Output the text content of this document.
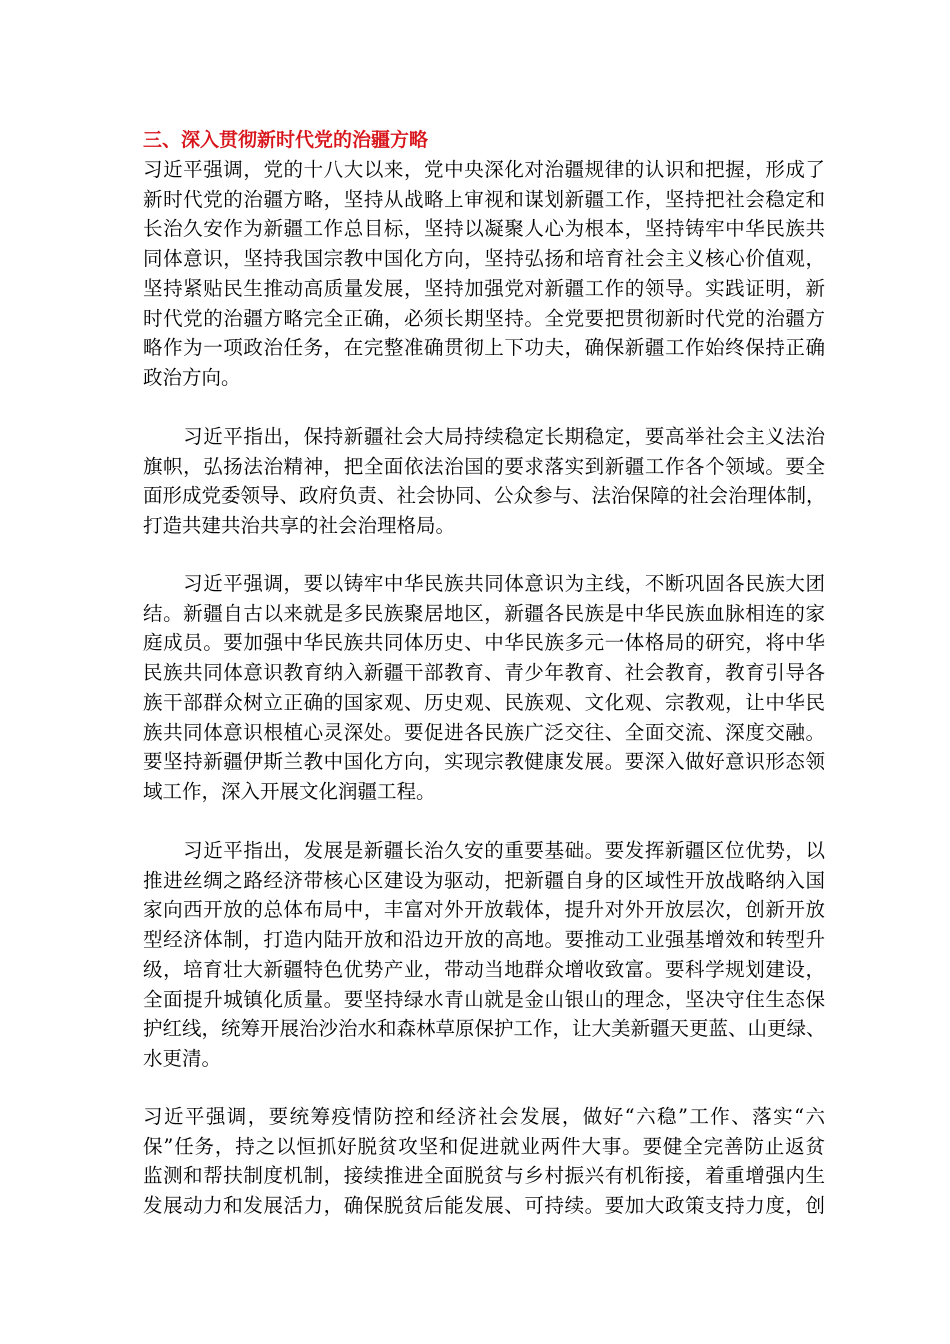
三、深入贯彻新时代党的治疆方略

习近平强调，党的十八大以来，党中央深化对治疆规律的认识和把握，形成了
新时代党的治疆方略，坚持从战略上审视和谋划新疆工作，坚持把社会稳定和
长治久安作为新疆工作总目标，坚持以凝聚人心为根本，坚持铸牢中华民族共
同体意识，坚持我国宗教中国化方向，坚持弘扬和培育社会主义核心价值观，
坚持紧贴民生推动高质量发展，坚持加强党对新疆工作的领导。实践证明，新
时代党的治疆方略完全正确，必须长期坚持。全党要把贯彻新时代党的治疆方
略作为一项政治任务，在完整准确贯彻上下功夫，确保新疆工作始终保持正确
政治方向。

　　习近平指出，保持新疆社会大局持续稳定长期稳定，要高举社会主义法治
旗帜，弘扬法治精神，把全面依法治国的要求落实到新疆工作各个领域。要全
面形成党委领导、政府负责、社会协同、公众参与、法治保障的社会治理体制，
打造共建共治共享的社会治理格局。

　　习近平强调，要以铸牢中华民族共同体意识为主线，不断巩固各民族大团
结。新疆自古以来就是多民族聚居地区，新疆各民族是中华民族血脉相连的家
庭成员。要加强中华民族共同体历史、中华民族多元一体格局的研究，将中华
民族共同体意识教育纳入新疆干部教育、青少年教育、社会教育，教育引导各
族干部群众树立正确的国家观、历史观、民族观、文化观、宗教观，让中华民
族共同体意识根植心灵深处。要促进各民族广泛交往、全面交流、深度交融。
要坚持新疆伊斯兰教中国化方向，实现宗教健康发展。要深入做好意识形态领
域工作，深入开展文化润疆工程。

　　习近平指出，发展是新疆长治久安的重要基础。要发挥新疆区位优势，以
推进丝绸之路经济带核心区建设为驱动，把新疆自身的区域性开放战略纳入国
家向西开放的总体布局中，丰富对外开放载体，提升对外开放层次，创新开放
型经济体制，打造内陆开放和沿边开放的高地。要推动工业强基增效和转型升
级，培育壮大新疆特色优势产业，带动当地群众增收致富。要科学规划建设，
全面提升城镇化质量。要坚持绿水青山就是金山银山的理念，坚决守住生态保
护红线，统筹开展治沙治水和森林草原保护工作，让大美新疆天更蓝、山更绿、
水更清。

习近平强调，要统筹疫情防控和经济社会发展，做好“六稳”工作、落实“六
保”任务，持之以恒抓好脱贫攻坚和促进就业两件大事。要健全完善防止返贫
监测和帮扶制度机制，接续推进全面脱贫与乡村振兴有机衔接，着重增强内生
发展动力和发展活力，确保脱贫后能发展、可持续。要加大政策支持力度，创
